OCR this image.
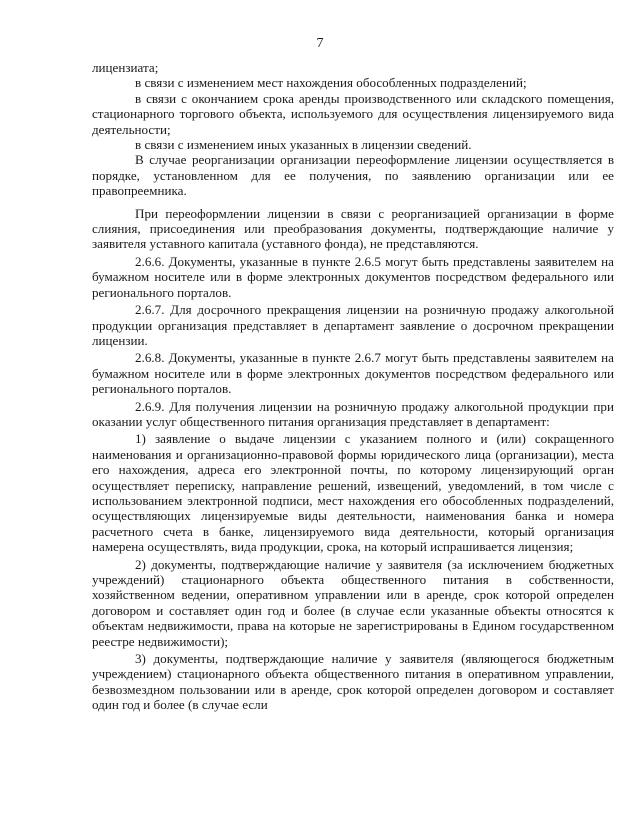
7

лицензиата;

в связи с изменением мест нахождения обособленных подразделений;

в связи с окончанием срока аренды производственного или складского помещения, стационарного торгового объекта, используемого для осуществления лицензируемого вида деятельности;

в связи с изменением иных указанных в лицензии сведений.

В случае реорганизации организации переоформление лицензии осуществляется в порядке, установленном для ее получения, по заявлению организации или ее правопреемника.

При переоформлении лицензии в связи с реорганизацией организации в форме слияния, присоединения или преобразования документы, подтверждающие наличие у заявителя уставного капитала (уставного фонда), не представляются.

2.6.6. Документы, указанные в пункте 2.6.5 могут быть представлены заявителем на бумажном носителе или в форме электронных документов посредством федерального или регионального порталов.

2.6.7. Для досрочного прекращения лицензии на розничную продажу алкогольной продукции организация представляет в департамент заявление о досрочном прекращении лицензии.

2.6.8. Документы, указанные в пункте 2.6.7 могут быть представлены заявителем на бумажном носителе или в форме электронных документов посредством федерального или регионального порталов.

2.6.9. Для получения лицензии на розничную продажу алкогольной продукции при оказании услуг общественного питания организация представляет в департамент:

1) заявление о выдаче лицензии с указанием полного и (или) сокращенного наименования и организационно-правовой формы юридического лица (организации), места его нахождения, адреса его электронной почты, по которому лицензирующий орган осуществляет переписку, направление решений, извещений, уведомлений, в том числе с использованием электронной подписи, мест нахождения его обособленных подразделений, осуществляющих лицензируемые виды деятельности, наименования банка и номера расчетного счета в банке, лицензируемого вида деятельности, который организация намерена осуществлять, вида продукции, срока, на который испрашивается лицензия;

2) документы, подтверждающие наличие у заявителя (за исключением бюджетных учреждений) стационарного объекта общественного питания в собственности, хозяйственном ведении, оперативном управлении или в аренде, срок которой определен договором и составляет один год и более (в случае если указанные объекты относятся к объектам недвижимости, права на которые не зарегистрированы в Едином государственном реестре недвижимости);

3) документы, подтверждающие наличие у заявителя (являющегося бюджетным учреждением) стационарного объекта общественного питания в оперативном управлении, безвозмездном пользовании или в аренде, срок которой определен договором и составляет один год и более (в случае если
